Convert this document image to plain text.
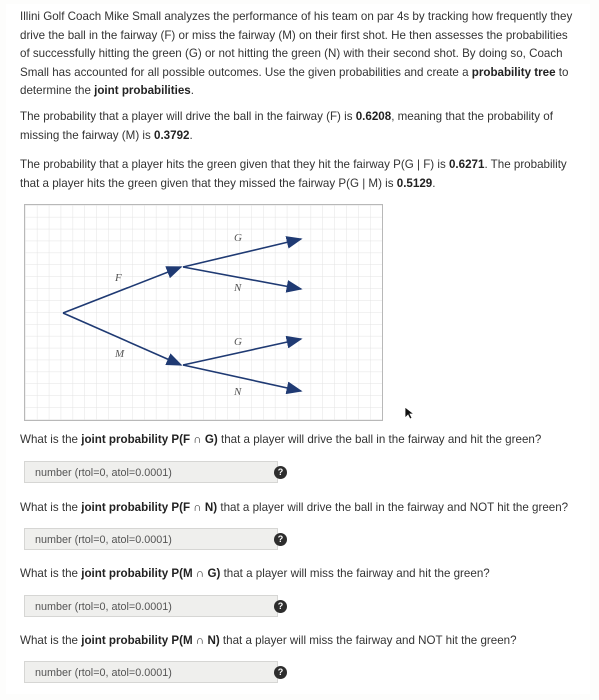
Illini Golf Coach Mike Small analyzes the performance of his team on par 4s by tracking how frequently they drive the ball in the fairway (F) or miss the fairway (M) on their first shot. He then assesses the probabilities of successfully hitting the green (G) or not hitting the green (N) with their second shot. By doing so, Coach Small has accounted for all possible outcomes. Use the given probabilities and create a probability tree to determine the joint probabilities.
The probability that a player will drive the ball in the fairway (F) is 0.6208, meaning that the probability of missing the fairway (M) is 0.3792.
The probability that a player hits the green given that they hit the fairway P(G | F) is 0.6271. The probability that a player hits the green given that they missed the fairway P(G | M) is 0.5129.
F
M
G
N
G
N
What is the joint probability P(F ∩ G) that a player will drive the ball in the fairway and hit the green?
number (rtol=0, atol=0.0001)	?
What is the joint probability P(F ∩ N) that a player will drive the ball in the fairway and NOT hit the green?
number (rtol=0, atol=0.0001)	?
What is the joint probability P(M ∩ G) that a player will miss the fairway and hit the green?
number (rtol=0, atol=0.0001)	?
What is the joint probability P(M ∩ N) that a player will miss the fairway and NOT hit the green?
number (rtol=0, atol=0.0001)	?
